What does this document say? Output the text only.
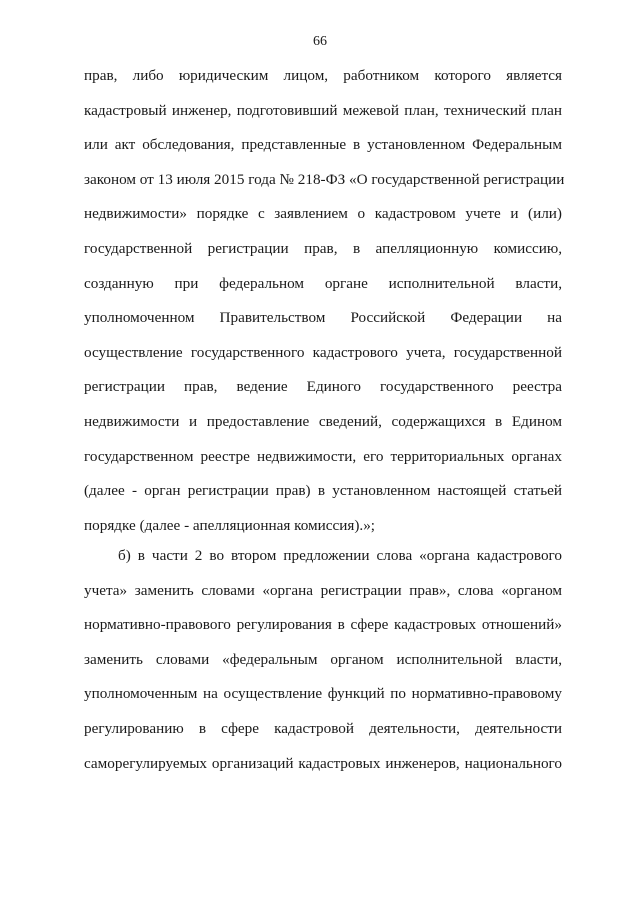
66
прав, либо юридическим лицом, работником которого является
кадастровый инженер, подготовивший межевой план, технический план
или акт обследования, представленные в установленном Федеральным
законом от 13 июля 2015 года № 218-ФЗ «О государственной регистрации
недвижимости» порядке с заявлением о кадастровом учете и (или)
государственной регистрации прав, в апелляционную комиссию,
созданную при федеральном органе исполнительной власти,
уполномоченном Правительством Российской Федерации на
осуществление государственного кадастрового учета, государственной
регистрации прав, ведение Единого государственного реестра
недвижимости и предоставление сведений, содержащихся в Едином
государственном реестре недвижимости, его территориальных органах
(далее - орган регистрации прав) в установленном настоящей статьей
порядке (далее - апелляционная комиссия).»;
б) в части 2 во втором предложении слова «органа кадастрового
учета» заменить словами «органа регистрации прав», слова «органом
нормативно-правового регулирования в сфере кадастровых отношений»
заменить словами «федеральным органом исполнительной власти,
уполномоченным на осуществление функций по нормативно-правовому
регулированию в сфере кадастровой деятельности, деятельности
саморегулируемых организаций кадастровых инженеров, национального
